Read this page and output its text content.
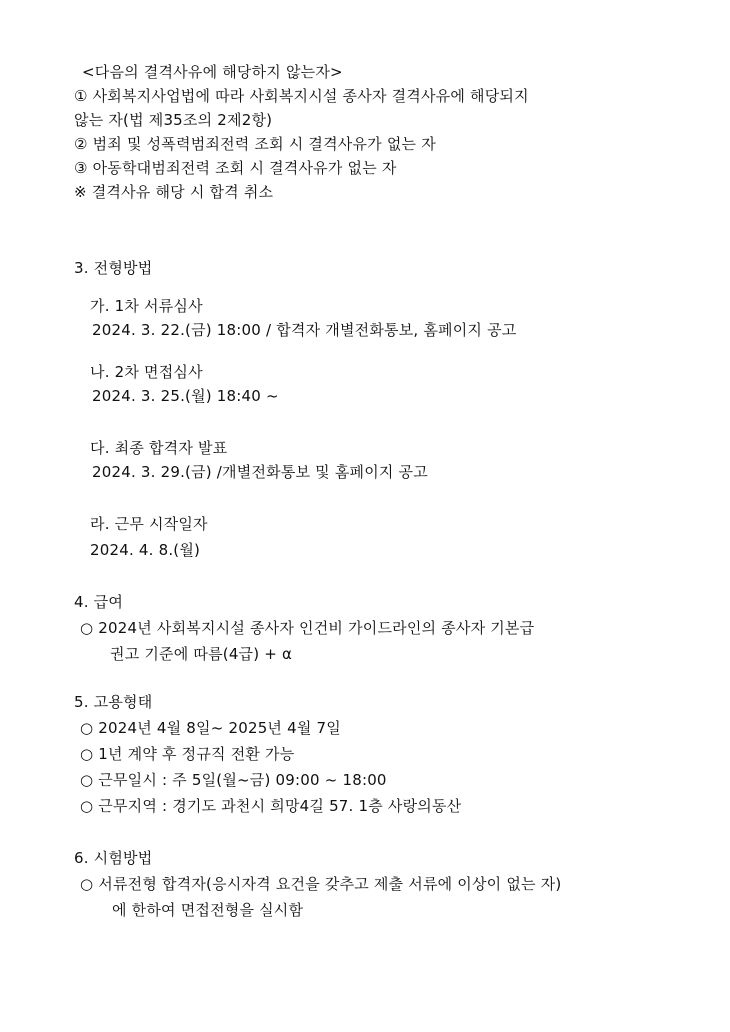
<다음의 결격사유에 해당하지 않는자>
① 사회복지사업법에 따라 사회복지시설 종사자 결격사유에 해당되지
않는 자(법 제35조의 2제2항)
② 범죄 및 성폭력범죄전력 조회 시 결격사유가 없는 자
③ 아동학대범죄전력 조회 시 결격사유가 없는 자
※ 결격사유 해당 시 합격 취소
3. 전형방법
가. 1차 서류심사
2024. 3. 22.(금) 18:00 / 합격자 개별전화통보, 홈페이지 공고
나. 2차 면접심사
2024. 3. 25.(월) 18:40 ~
다. 최종 합격자 발표
2024. 3. 29.(금) /개별전화통보 및 홈페이지 공고
라. 근무 시작일자
2024. 4. 8.(월)
4. 급여
○ 2024년 사회복지시설 종사자 인건비 가이드라인의 종사자 기본급
권고 기준에 따름(4급) + α
5. 고용형태
○ 2024년 4월 8일~ 2025년 4월 7일
○ 1년 계약 후 정규직 전환 가능
○ 근무일시 : 주 5일(월~금) 09:00 ~ 18:00
○ 근무지역 : 경기도 과천시 희망4길 57. 1층 사랑의동산
6. 시험방법
○ 서류전형 합격자(응시자격 요건을 갖추고 제출 서류에 이상이 없는 자)
에 한하여 면접전형을 실시함
